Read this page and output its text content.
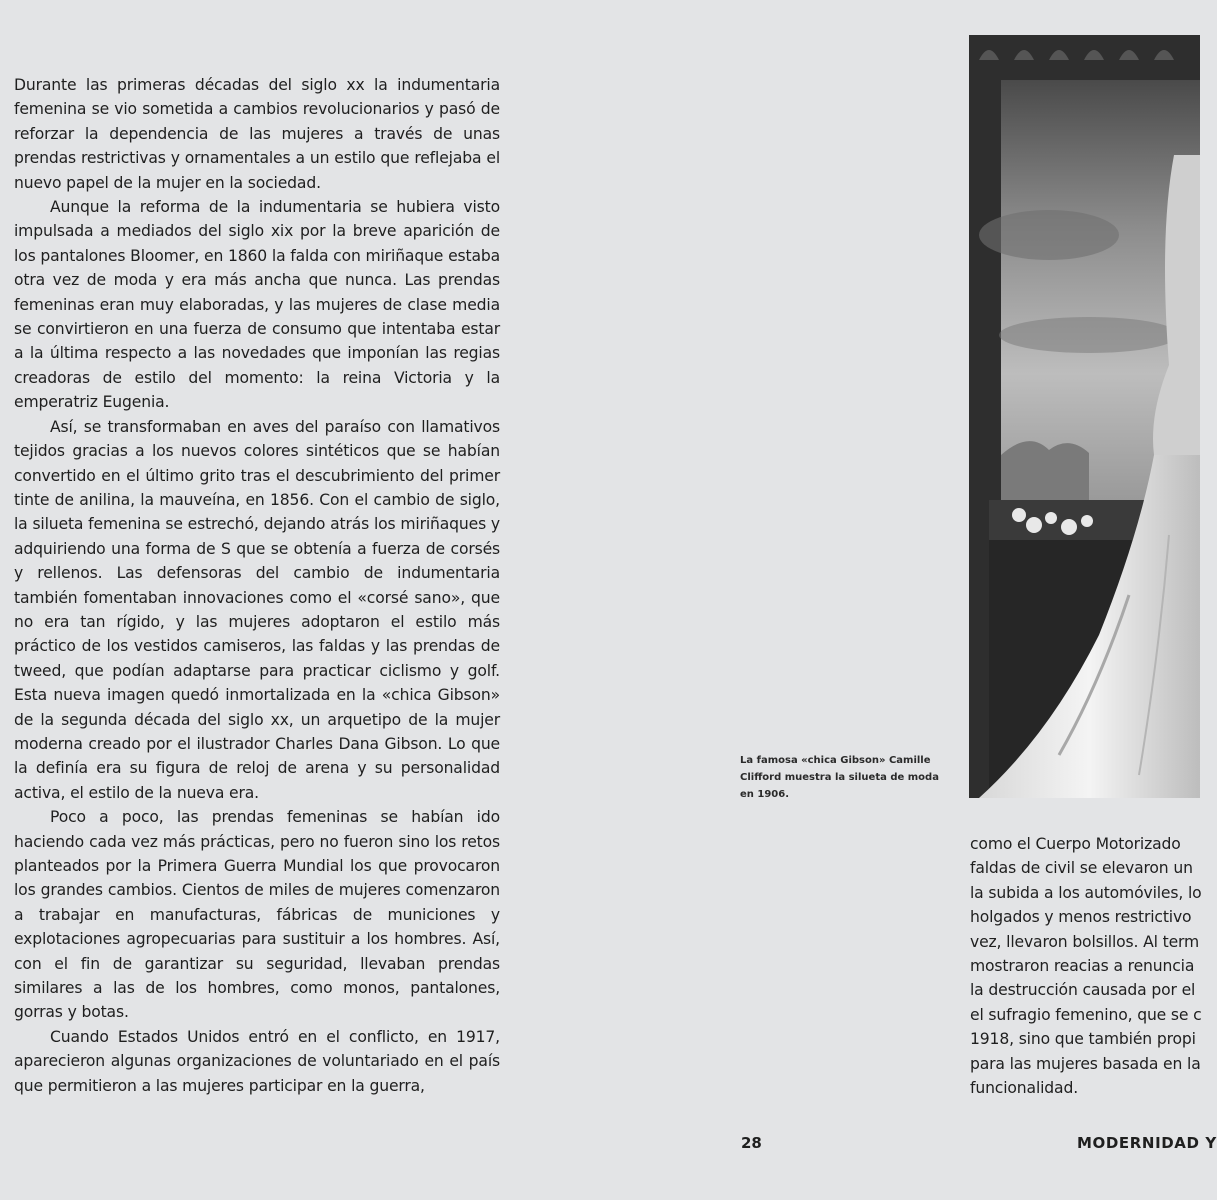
Durante las primeras décadas del siglo xx la indumentaria femenina se vio sometida a cambios revolucionarios y pasó de reforzar la dependencia de las mujeres a través de unas prendas restrictivas y ornamentales a un estilo que reflejaba el nuevo papel de la mujer en la sociedad.

Aunque la reforma de la indumentaria se hubiera visto impulsada a mediados del siglo xix por la breve aparición de los pantalones Bloomer, en 1860 la falda con miriñaque estaba otra vez de moda y era más ancha que nunca. Las prendas femeninas eran muy elaboradas, y las mujeres de clase media se convirtieron en una fuerza de consumo que intentaba estar a la última respecto a las novedades que imponían las regias creadoras de estilo del momento: la reina Victoria y la emperatriz Eugenia.

Así, se transformaban en aves del paraíso con llamativos tejidos gracias a los nuevos colores sintéticos que se habían convertido en el último grito tras el descubrimiento del primer tinte de anilina, la mauveína, en 1856. Con el cambio de siglo, la silueta femenina se estrechó, dejando atrás los miriñaques y adquiriendo una forma de S que se obtenía a fuerza de corsés y rellenos. Las defensoras del cambio de indumentaria también fomentaban innovaciones como el «corsé sano», que no era tan rígido, y las mujeres adoptaron el estilo más práctico de los vestidos camiseros, las faldas y las prendas de tweed, que podían adaptarse para practicar ciclismo y golf. Esta nueva imagen quedó inmortalizada en la «chica Gibson» de la segunda década del siglo xx, un arquetipo de la mujer moderna creado por el ilustrador Charles Dana Gibson. Lo que la definía era su figura de reloj de arena y su personalidad activa, el estilo de la nueva era.

Poco a poco, las prendas femeninas se habían ido haciendo cada vez más prácticas, pero no fueron sino los retos planteados por la Primera Guerra Mundial los que provocaron los grandes cambios. Cientos de miles de mujeres comenzaron a trabajar en manufacturas, fábricas de municiones y explotaciones agropecuarias para sustituir a los hombres. Así, con el fin de garantizar su seguridad, llevaban prendas similares a las de los hombres, como monos, pantalones, gorras y botas.

Cuando Estados Unidos entró en el conflicto, en 1917, aparecieron algunas organizaciones de voluntariado en el país que permitieron a las mujeres participar en la guerra,

La famosa «chica Gibson» Camille Clifford muestra la silueta de moda en 1906.
como el Cuerpo Motorizado
faldas de civil se elevaron un
la subida a los automóviles, lo
holgados y menos restrictivo
vez, llevaron bolsillos. Al term
mostraron reacias a renuncia
la destrucción causada por el
el sufragio femenino, que se c
1918, sino que también propi
para las mujeres basada en la
funcionalidad.
28	MODERNIDAD Y
